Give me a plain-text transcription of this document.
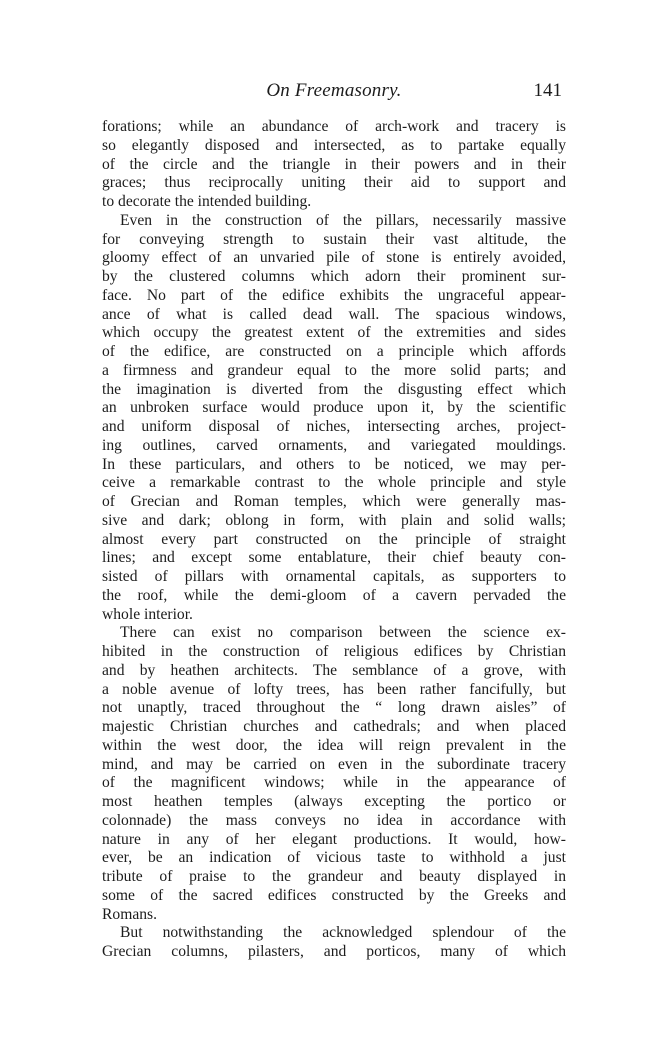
On Freemasonry.	141
forations; while an abundance of arch-work and tracery is
so elegantly disposed and intersected, as to partake equally
of the circle and the triangle in their powers and in their
graces; thus reciprocally uniting their aid to support and
to decorate the intended building.
Even in the construction of the pillars, necessarily massive
for conveying strength to sustain their vast altitude, the
gloomy effect of an unvaried pile of stone is entirely avoided,
by the clustered columns which adorn their prominent sur-
face. No part of the edifice exhibits the ungraceful appear-
ance of what is called dead wall. The spacious windows,
which occupy the greatest extent of the extremities and sides
of the edifice, are constructed on a principle which affords
a firmness and grandeur equal to the more solid parts; and
the imagination is diverted from the disgusting effect which
an unbroken surface would produce upon it, by the scientific
and uniform disposal of niches, intersecting arches, project-
ing outlines, carved ornaments, and variegated mouldings.
In these particulars, and others to be noticed, we may per-
ceive a remarkable contrast to the whole principle and style
of Grecian and Roman temples, which were generally mas-
sive and dark; oblong in form, with plain and solid walls;
almost every part constructed on the principle of straight
lines; and except some entablature, their chief beauty con-
sisted of pillars with ornamental capitals, as supporters to
the roof, while the demi-gloom of a cavern pervaded the
whole interior.
There can exist no comparison between the science ex-
hibited in the construction of religious edifices by Christian
and by heathen architects. The semblance of a grove, with
a noble avenue of lofty trees, has been rather fancifully, but
not unaptly, traced throughout the “ long drawn aisles” of
majestic Christian churches and cathedrals; and when placed
within the west door, the idea will reign prevalent in the
mind, and may be carried on even in the subordinate tracery
of the magnificent windows; while in the appearance of
most heathen temples (always excepting the portico or
colonnade) the mass conveys no idea in accordance with
nature in any of her elegant productions. It would, how-
ever, be an indication of vicious taste to withhold a just
tribute of praise to the grandeur and beauty displayed in
some of the sacred edifices constructed by the Greeks and
Romans.
But notwithstanding the acknowledged splendour of the
Grecian columns, pilasters, and porticos, many of which
